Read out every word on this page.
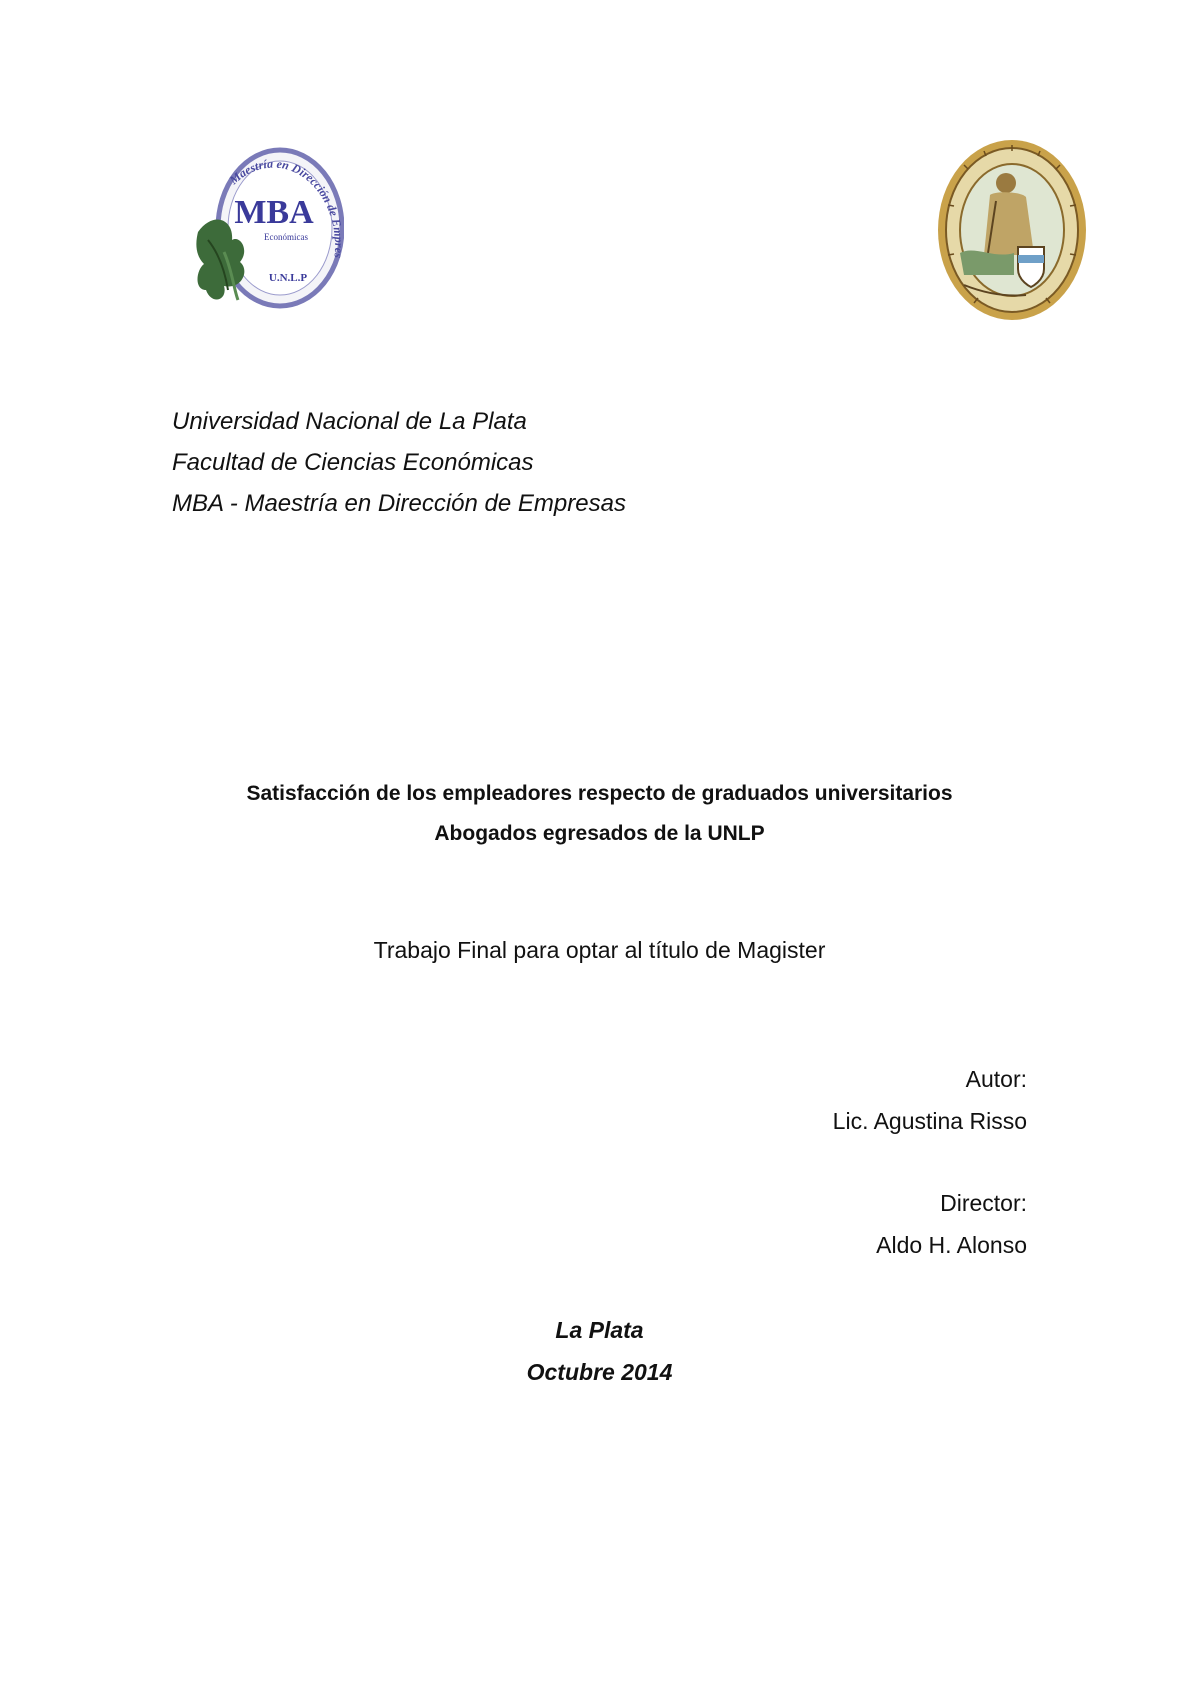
MBA
Económicas
U.N.L.P
Maestría en Dirección de E
Universidad Nacional de La Plata
Facultad de Ciencias Económicas
MBA - Maestría en Dirección de Empresas
Satisfacción de los empleadores respecto de graduados universitarios
Abogados egresados de la UNLP
Trabajo Final para optar al título de Magister
Autor:
Lic. Agustina Risso
Director:
Aldo H. Alonso
La Plata
Octubre 2014
